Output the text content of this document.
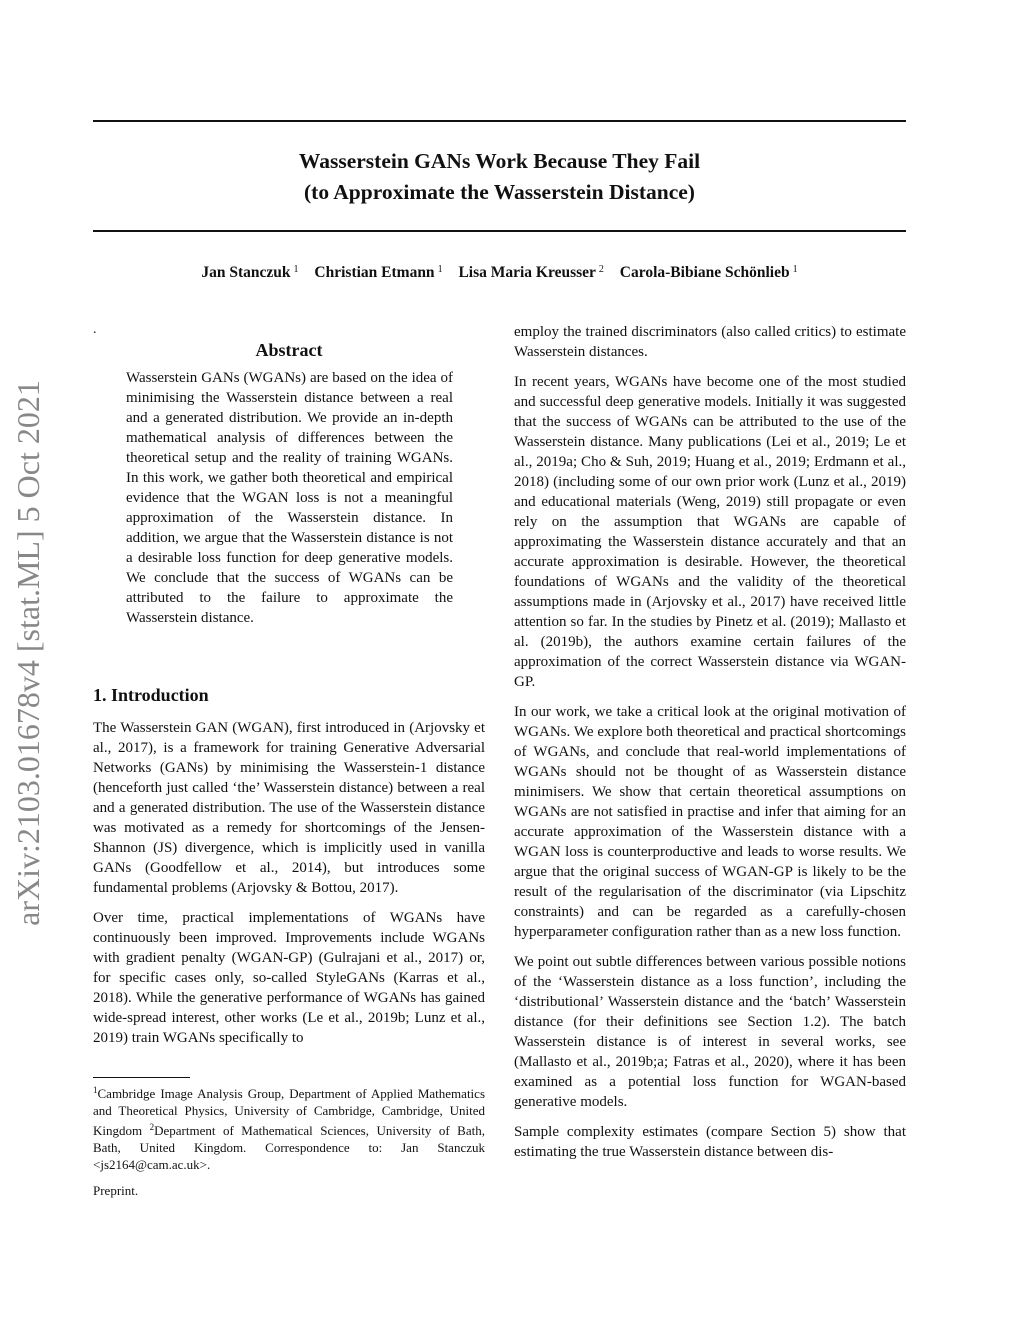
Wasserstein GANs Work Because They Fail
(to Approximate the Wasserstein Distance)
Jan Stanczuk $^1$ Christian Etmann $^1$ Lisa Maria Kreusser $^2$ Carola-Bibiane Schönlieb $^1$
arXiv:2103.01678v4 [stat.ML] 5 Oct 2021
.
Abstract

Wasserstein GANs (WGANs) are based on the idea of minimising the Wasserstein distance between a real and a generated distribution. We provide an in-depth mathematical analysis of differences between the theoretical setup and the reality of training WGANs. In this work, we gather both theoretical and empirical evidence that the WGAN loss is not a meaningful approximation of the Wasserstein distance. In addition, we argue that the Wasserstein distance is not a desirable loss function for deep generative models. We conclude that the success of WGANs can be attributed to the failure to approximate the Wasserstein distance.

1. Introduction

The Wasserstein GAN (WGAN), first introduced in (Arjovsky et al., 2017), is a framework for training Generative Adversarial Networks (GANs) by minimising the Wasserstein-1 distance (henceforth just called ‘the’ Wasserstein distance) between a real and a generated distribution. The use of the Wasserstein distance was motivated as a remedy for shortcomings of the Jensen-Shannon (JS) divergence, which is implicitly used in vanilla GANs (Goodfellow et al., 2014), but introduces some fundamental problems (Arjovsky & Bottou, 2017).

Over time, practical implementations of WGANs have continuously been improved. Improvements include WGANs with gradient penalty (WGAN-GP) (Gulrajani et al., 2017) or, for specific cases only, so-called StyleGANs (Karras et al., 2018). While the generative performance of WGANs has gained wide-spread interest, other works (Le et al., 2019b; Lunz et al., 2019) train WGANs specifically to

$^1$Cambridge Image Analysis Group, Department of Applied Mathematics and Theoretical Physics, University of Cambridge, Cambridge, United Kingdom $^2$Department of Mathematical Sciences, University of Bath, Bath, United Kingdom. Correspondence to: Jan Stanczuk <js2164@cam.ac.uk>.

Preprint.

employ the trained discriminators (also called critics) to estimate Wasserstein distances.

In recent years, WGANs have become one of the most studied and successful deep generative models. Initially it was suggested that the success of WGANs can be attributed to the use of the Wasserstein distance. Many publications (Lei et al., 2019; Le et al., 2019a; Cho & Suh, 2019; Huang et al., 2019; Erdmann et al., 2018) (including some of our own prior work (Lunz et al., 2019) and educational materials (Weng, 2019) still propagate or even rely on the assumption that WGANs are capable of approximating the Wasserstein distance accurately and that an accurate approximation is desirable. However, the theoretical foundations of WGANs and the validity of the theoretical assumptions made in (Arjovsky et al., 2017) have received little attention so far. In the studies by Pinetz et al. (2019); Mallasto et al. (2019b), the authors examine certain failures of the approximation of the correct Wasserstein distance via WGAN-GP.

In our work, we take a critical look at the original motivation of WGANs. We explore both theoretical and practical shortcomings of WGANs, and conclude that real-world implementations of WGANs should not be thought of as Wasserstein distance minimisers. We show that certain theoretical assumptions on WGANs are not satisfied in practise and infer that aiming for an accurate approximation of the Wasserstein distance with a WGAN loss is counterproductive and leads to worse results. We argue that the original success of WGAN-GP is likely to be the result of the regularisation of the discriminator (via Lipschitz constraints) and can be regarded as a carefully-chosen hyperparameter configuration rather than as a new loss function.

We point out subtle differences between various possible notions of the ‘Wasserstein distance as a loss function’, including the ‘distributional’ Wasserstein distance and the ‘batch’ Wasserstein distance (for their definitions see Section 1.2). The batch Wasserstein distance is of interest in several works, see (Mallasto et al., 2019b;a; Fatras et al., 2020), where it has been examined as a potential loss function for WGAN-based generative models.

Sample complexity estimates (compare Section 5) show that estimating the true Wasserstein distance between dis-
